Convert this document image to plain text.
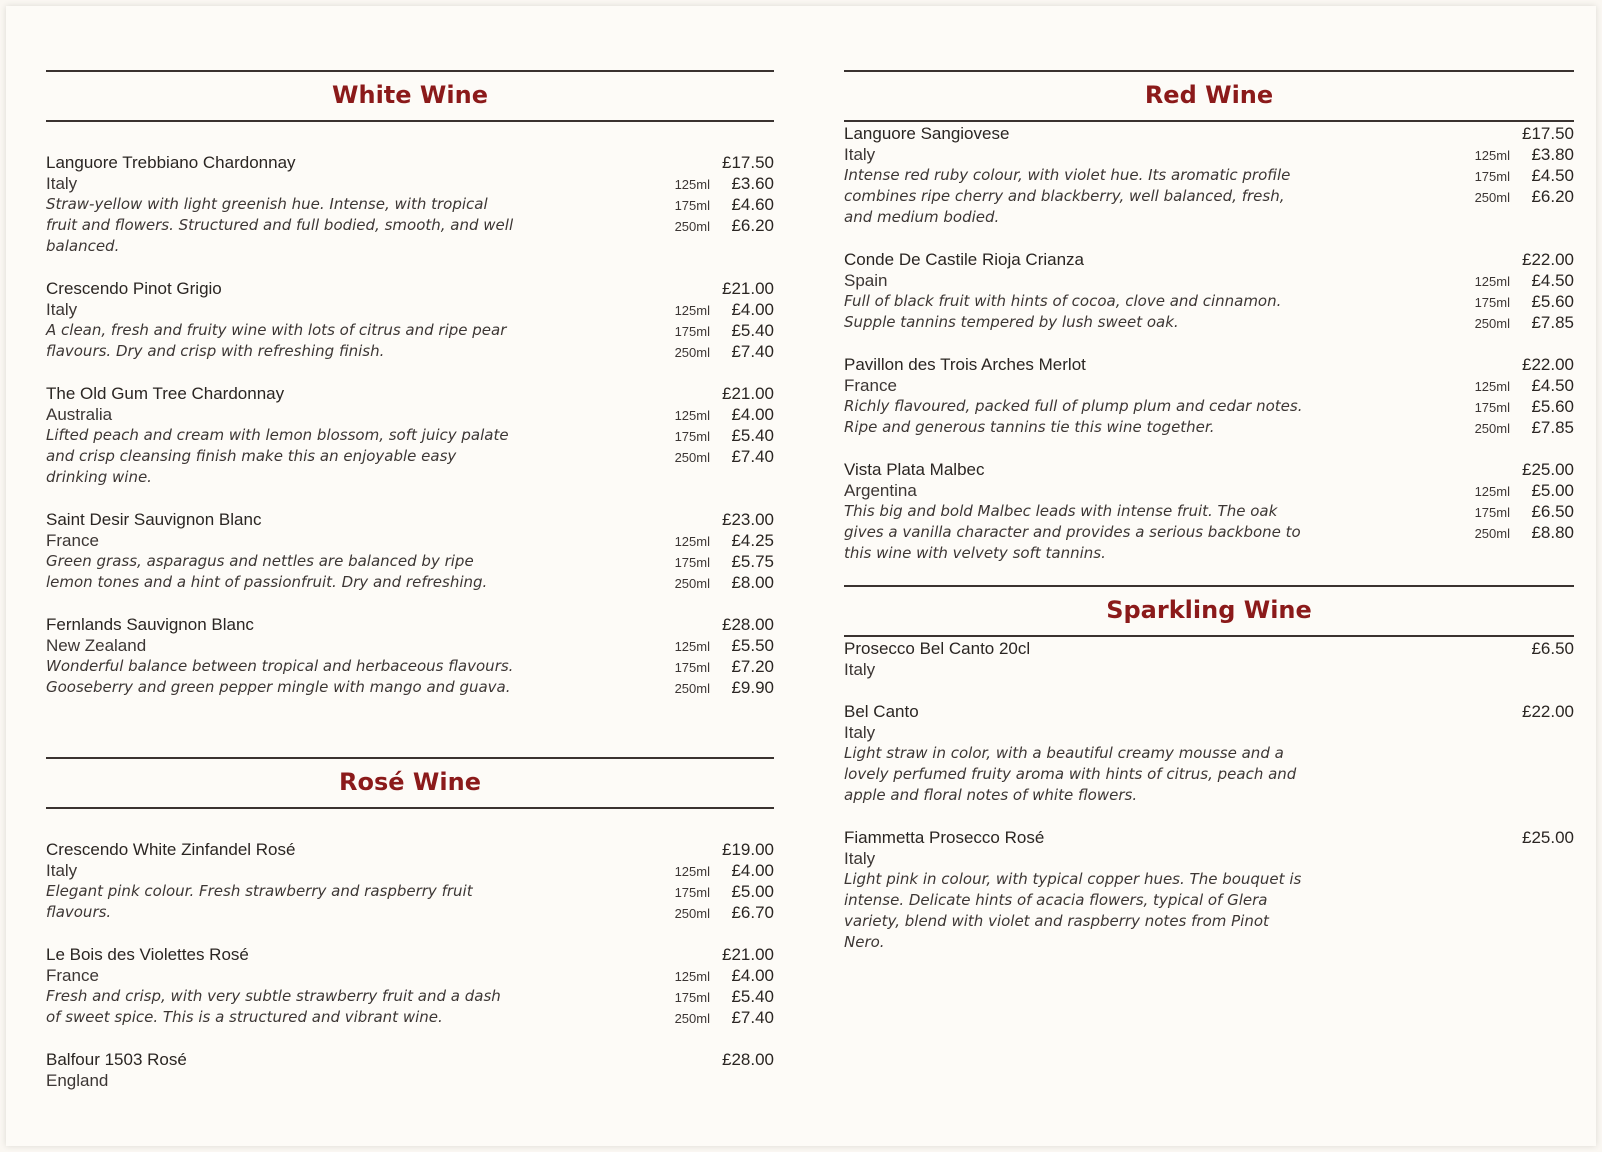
White Wine
Languore Trebbiano Chardonnay
Italy
Straw-yellow with light greenish hue. Intense, with tropical fruit and flowers. Structured and full bodied, smooth, and well balanced.
£17.50
125ml	£3.60
175ml	£4.60
250ml	£6.20
Crescendo Pinot Grigio
Italy
A clean, fresh and fruity wine with lots of citrus and ripe pear flavours. Dry and crisp with refreshing finish.
£21.00
125ml	£4.00
175ml	£5.40
250ml	£7.40
The Old Gum Tree Chardonnay
Australia
Lifted peach and cream with lemon blossom, soft juicy palate and crisp cleansing finish make this an enjoyable easy drinking wine.
£21.00
125ml	£4.00
175ml	£5.40
250ml	£7.40
Saint Desir Sauvignon Blanc
France
Green grass, asparagus and nettles are balanced by ripe lemon tones and a hint of passionfruit. Dry and refreshing.
£23.00
125ml	£4.25
175ml	£5.75
250ml	£8.00
Fernlands Sauvignon Blanc
New Zealand
Wonderful balance between tropical and herbaceous flavours. Gooseberry and green pepper mingle with mango and guava.
£28.00
125ml	£5.50
175ml	£7.20
250ml	£9.90
Rosé Wine
Crescendo White Zinfandel Rosé
Italy
Elegant pink colour. Fresh strawberry and raspberry fruit flavours.
£19.00
125ml	£4.00
175ml	£5.00
250ml	£6.70
Le Bois des Violettes Rosé
France
Fresh and crisp, with very subtle strawberry fruit and a dash of sweet spice. This is a structured and vibrant wine.
£21.00
125ml	£4.00
175ml	£5.40
250ml	£7.40
Balfour 1503 Rosé
England
£28.00
Red Wine
Languore Sangiovese
Italy
Intense red ruby colour, with violet hue. Its aromatic profile combines ripe cherry and blackberry, well balanced, fresh, and medium bodied.
£17.50
125ml	£3.80
175ml	£4.50
250ml	£6.20
Conde De Castile Rioja Crianza
Spain
Full of black fruit with hints of cocoa, clove and cinnamon. Supple tannins tempered by lush sweet oak.
£22.00
125ml	£4.50
175ml	£5.60
250ml	£7.85
Pavillon des Trois Arches Merlot
France
Richly flavoured, packed full of plump plum and cedar notes. Ripe and generous tannins tie this wine together.
£22.00
125ml	£4.50
175ml	£5.60
250ml	£7.85
Vista Plata Malbec
Argentina
This big and bold Malbec leads with intense fruit. The oak gives a vanilla character and provides a serious backbone to this wine with velvety soft tannins.
£25.00
125ml	£5.00
175ml	£6.50
250ml	£8.80
Sparkling Wine
Prosecco Bel Canto 20cl
Italy
£6.50
Bel Canto
Italy
Light straw in color, with a beautiful creamy mousse and a lovely perfumed fruity aroma with hints of citrus, peach and apple and floral notes of white flowers.
£22.00
Fiammetta Prosecco Rosé
Italy
Light pink in colour, with typical copper hues. The bouquet is intense. Delicate hints of acacia flowers, typical of Glera variety, blend with violet and raspberry notes from Pinot Nero.
£25.00
